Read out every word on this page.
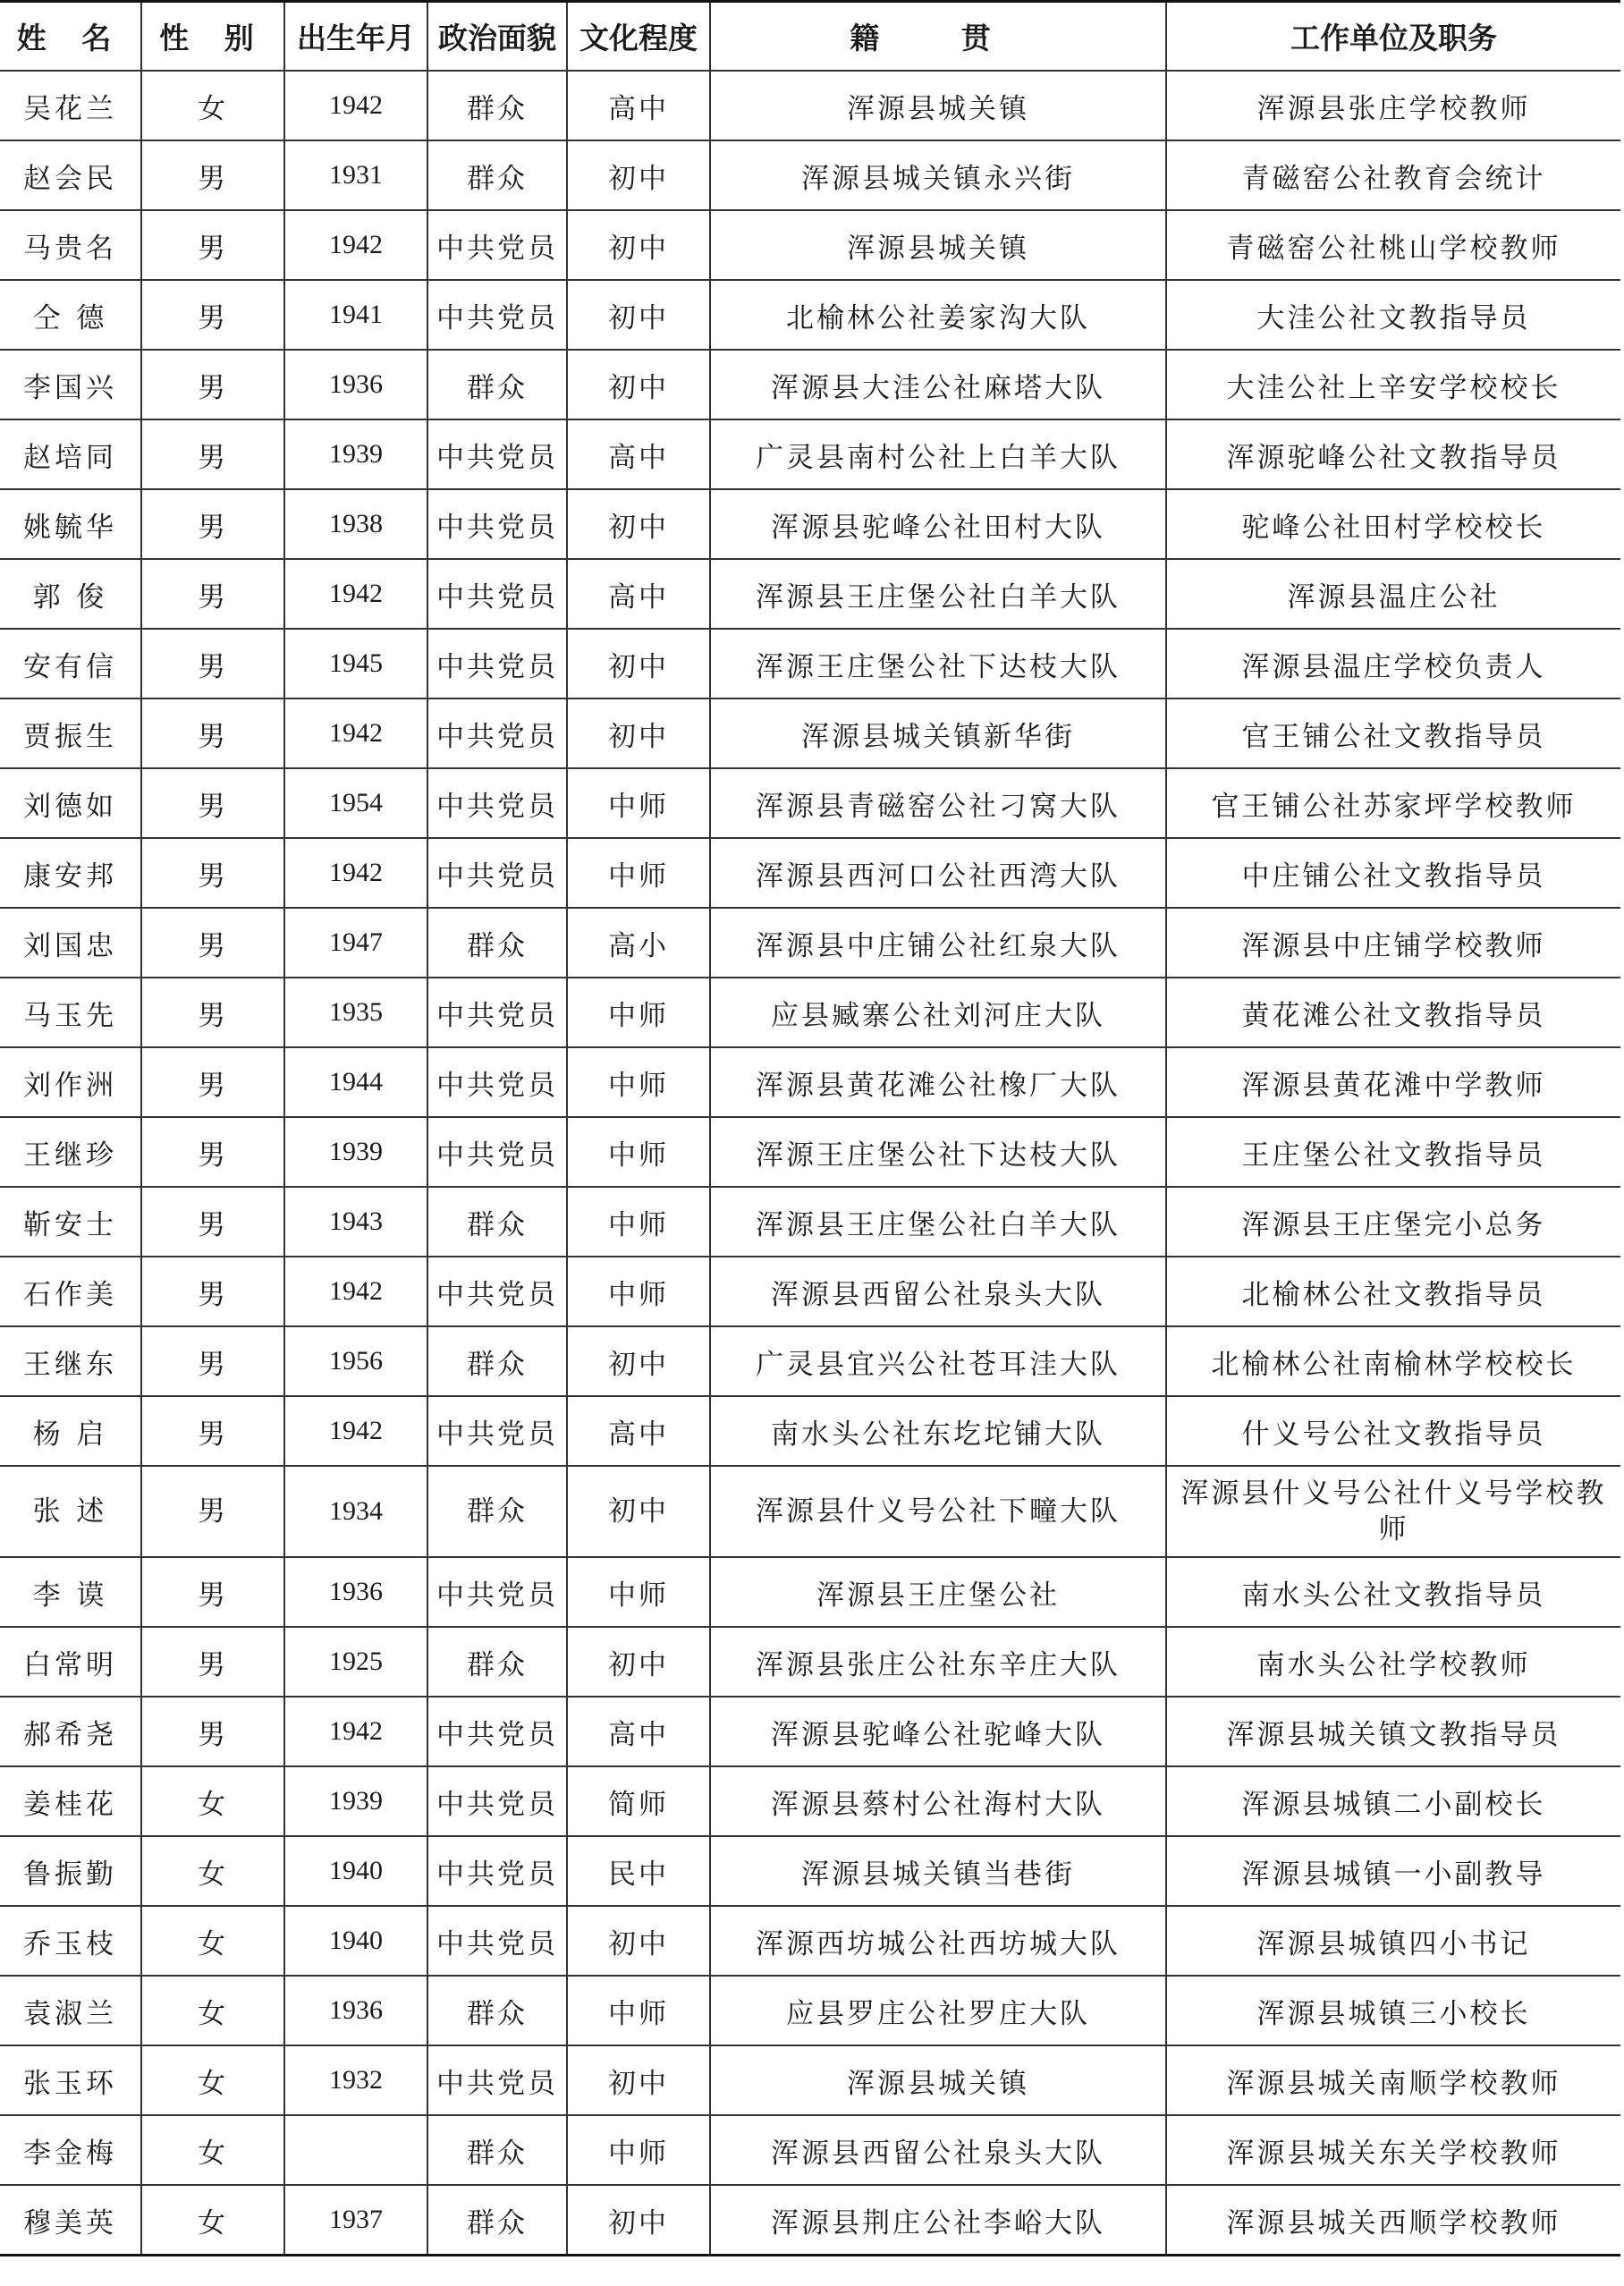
姓 名	性 别	出生年月	政治面貌	文化程度	籍 贯	工作单位及职务
吴花兰	女	1942	群众	高中	浑源县城关镇	浑源县张庄学校教师
赵会民	男	1931	群众	初中	浑源县城关镇永兴街	青磁窑公社教育会统计
马贵名	男	1942	中共党员	初中	浑源县城关镇	青磁窑公社桃山学校教师
仝 德	男	1941	中共党员	初中	北榆林公社姜家沟大队	大洼公社文教指导员
李国兴	男	1936	群众	初中	浑源县大洼公社麻塔大队	大洼公社上辛安学校校长
赵培同	男	1939	中共党员	高中	广灵县南村公社上白羊大队	浑源驼峰公社文教指导员
姚毓华	男	1938	中共党员	初中	浑源县驼峰公社田村大队	驼峰公社田村学校校长
郭 俊	男	1942	中共党员	高中	浑源县王庄堡公社白羊大队	浑源县温庄公社
安有信	男	1945	中共党员	初中	浑源王庄堡公社下达枝大队	浑源县温庄学校负责人
贾振生	男	1942	中共党员	初中	浑源县城关镇新华街	官王铺公社文教指导员
刘德如	男	1954	中共党员	中师	浑源县青磁窑公社刁窝大队	官王铺公社苏家坪学校教师
康安邦	男	1942	中共党员	中师	浑源县西河口公社西湾大队	中庄铺公社文教指导员
刘国忠	男	1947	群众	高小	浑源县中庄铺公社红泉大队	浑源县中庄铺学校教师
马玉先	男	1935	中共党员	中师	应县臧寨公社刘河庄大队	黄花滩公社文教指导员
刘作洲	男	1944	中共党员	中师	浑源县黄花滩公社橡厂大队	浑源县黄花滩中学教师
王继珍	男	1939	中共党员	中师	浑源王庄堡公社下达枝大队	王庄堡公社文教指导员
靳安士	男	1943	群众	中师	浑源县王庄堡公社白羊大队	浑源县王庄堡完小总务
石作美	男	1942	中共党员	中师	浑源县西留公社泉头大队	北榆林公社文教指导员
王继东	男	1956	群众	初中	广灵县宜兴公社苍耳洼大队	北榆林公社南榆林学校校长
杨 启	男	1942	中共党员	高中	南水头公社东圪坨铺大队	什义号公社文教指导员
张 述	男	1934	群众	初中	浑源县什义号公社下疃大队	浑源县什义号公社什义号学校教师
李 谟	男	1936	中共党员	中师	浑源县王庄堡公社	南水头公社文教指导员
白常明	男	1925	群众	初中	浑源县张庄公社东辛庄大队	南水头公社学校教师
郝希尧	男	1942	中共党员	高中	浑源县驼峰公社驼峰大队	浑源县城关镇文教指导员
姜桂花	女	1939	中共党员	简师	浑源县蔡村公社海村大队	浑源县城镇二小副校长
鲁振勤	女	1940	中共党员	民中	浑源县城关镇当巷街	浑源县城镇一小副教导
乔玉枝	女	1940	中共党员	初中	浑源西坊城公社西坊城大队	浑源县城镇四小书记
袁淑兰	女	1936	群众	中师	应县罗庄公社罗庄大队	浑源县城镇三小校长
张玉环	女	1932	中共党员	初中	浑源县城关镇	浑源县城关南顺学校教师
李金梅	女		群众	中师	浑源县西留公社泉头大队	浑源县城关东关学校教师
穆美英	女	1937	群众	初中	浑源县荆庄公社李峪大队	浑源县城关西顺学校教师
